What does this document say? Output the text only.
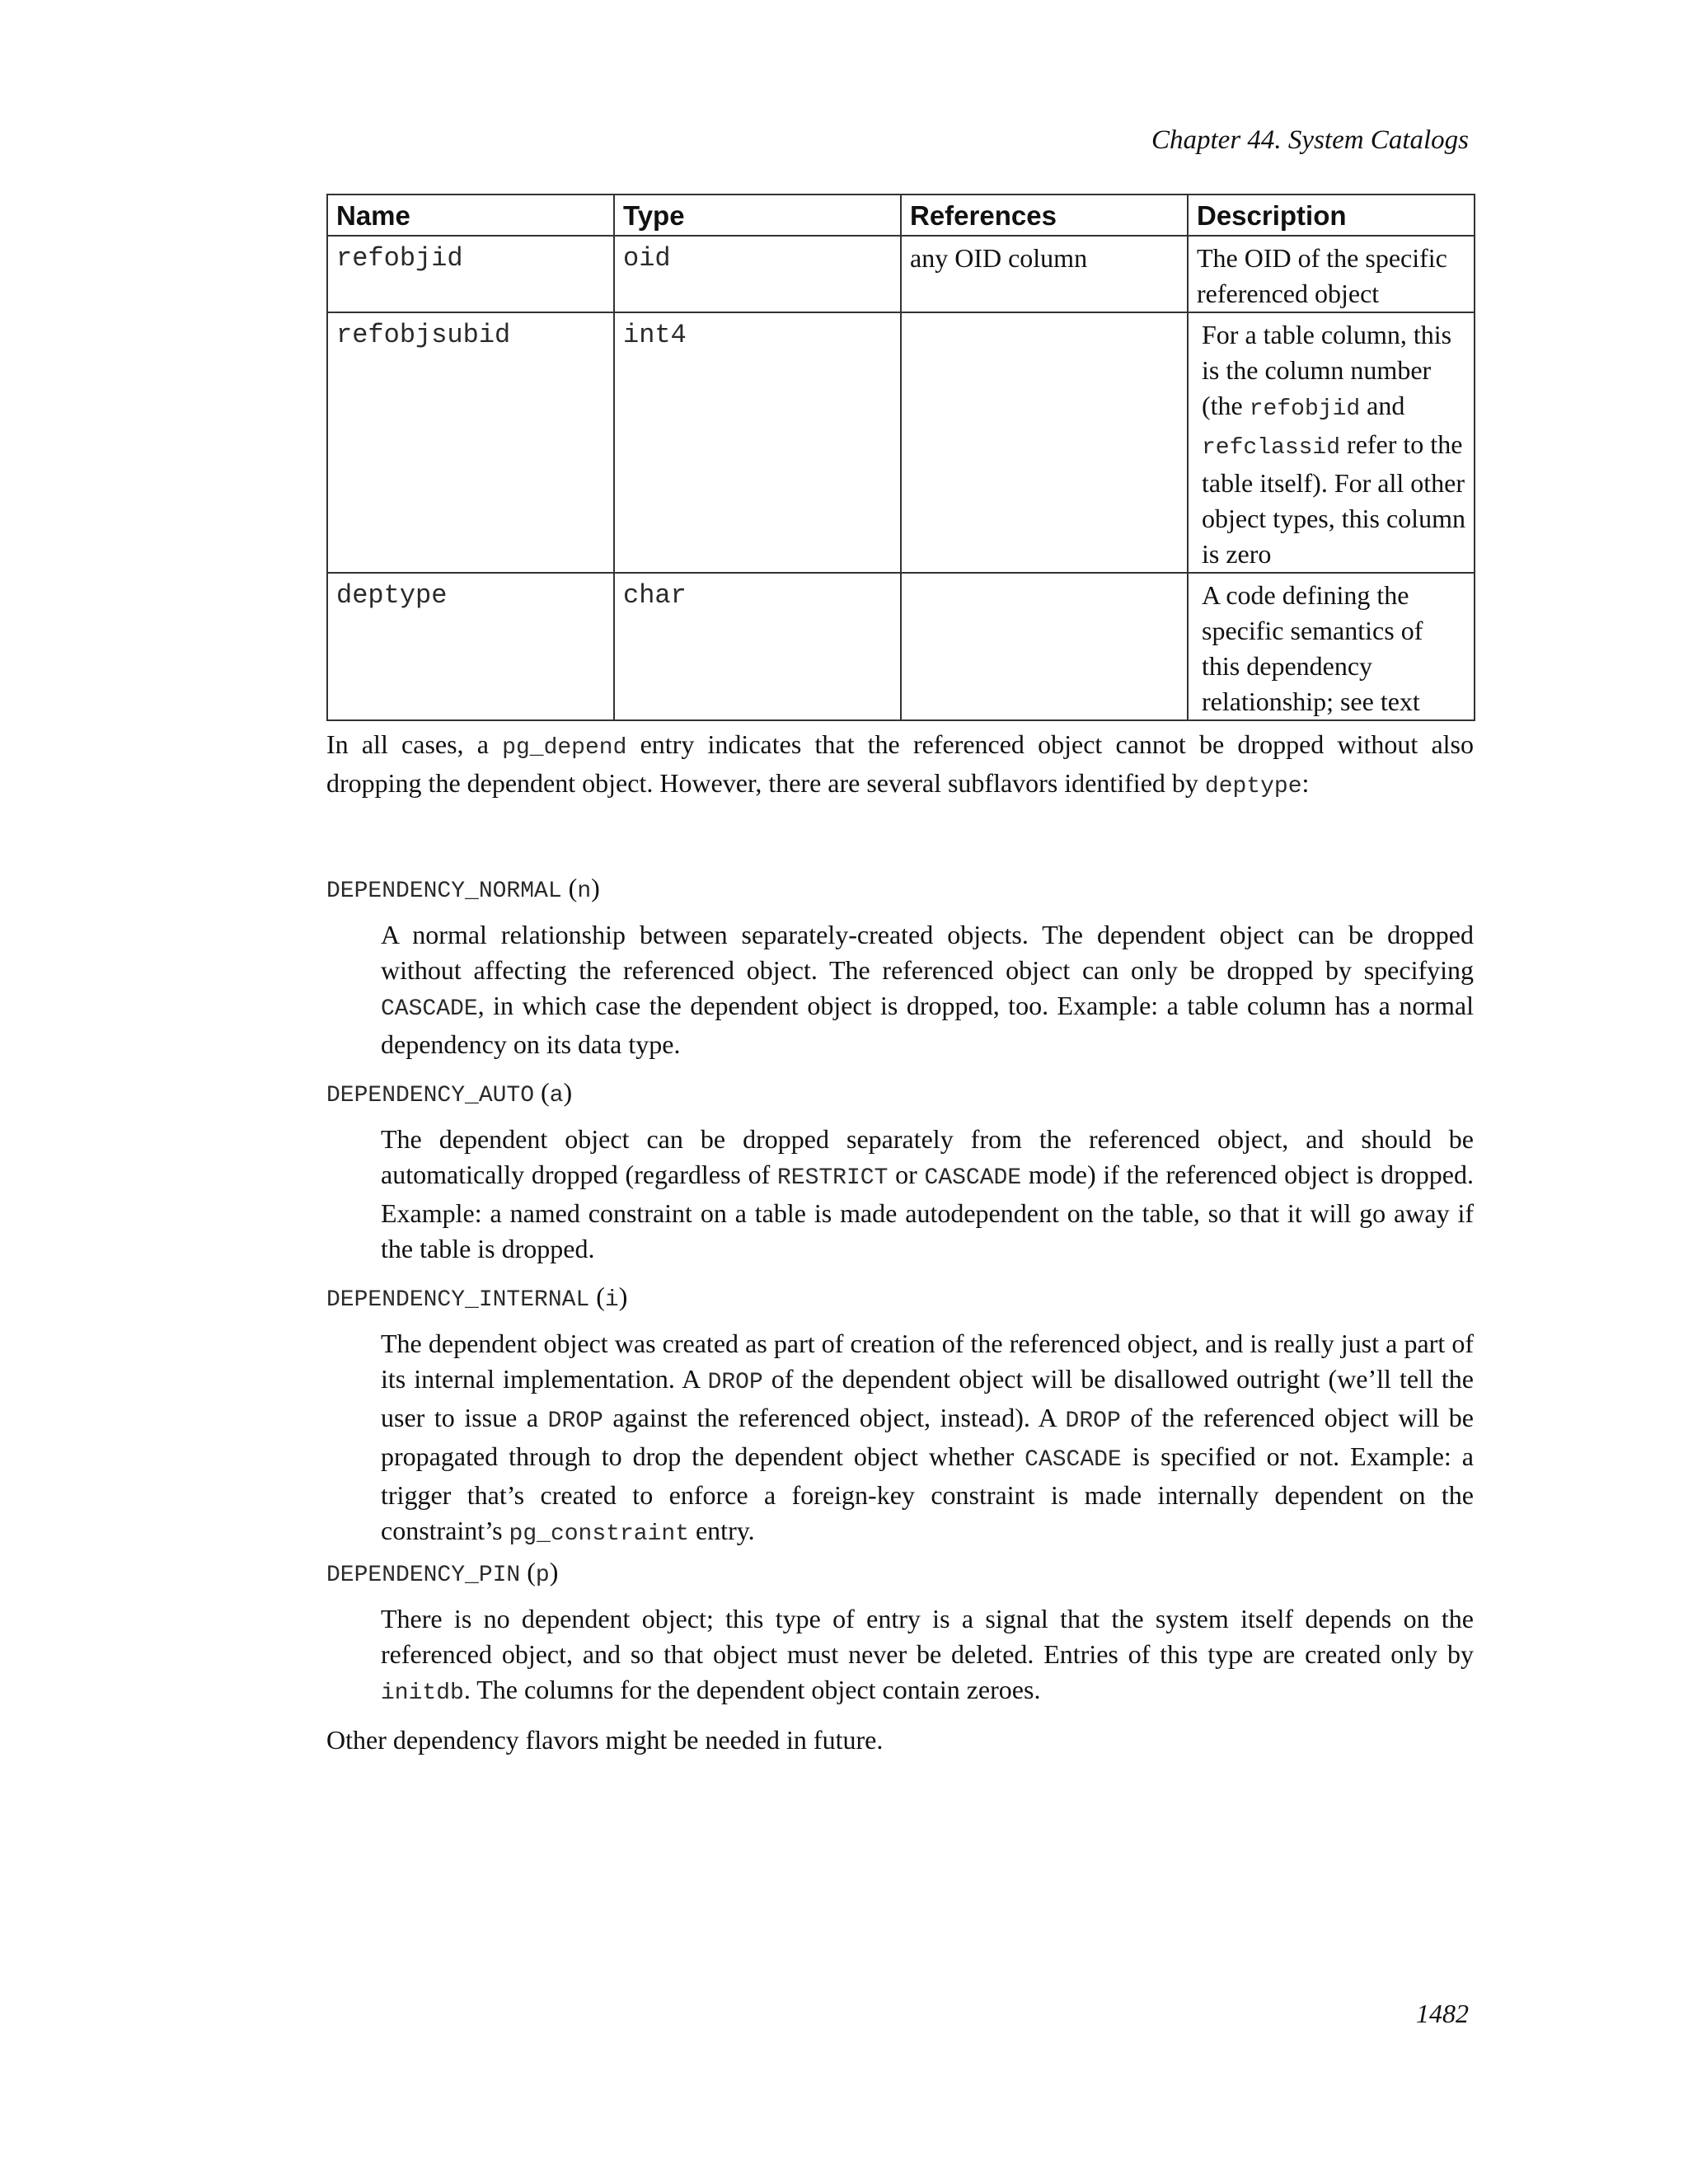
Chapter 44. System Catalogs
Name	Type	References	Description
refobjid	oid	any OID column	The OID of the specific referenced object
refobjsubid	int4		For a table column, this is the column number (the refobjid and refclassid refer to the table itself). For all other object types, this column is zero
deptype	char		A code defining the specific semantics of this dependency relationship; see text

In all cases, a pg_depend entry indicates that the referenced object cannot be dropped without also dropping the dependent object. However, there are several subflavors identified by deptype:

DEPENDENCY_NORMAL (n)

A normal relationship between separately-created objects. The dependent object can be dropped without affecting the referenced object. The referenced object can only be dropped by specifying CASCADE, in which case the dependent object is dropped, too. Example: a table column has a normal dependency on its data type.

DEPENDENCY_AUTO (a)

The dependent object can be dropped separately from the referenced object, and should be automatically dropped (regardless of RESTRICT or CASCADE mode) if the referenced object is dropped. Example: a named constraint on a table is made autodependent on the table, so that it will go away if the table is dropped.

DEPENDENCY_INTERNAL (i)

The dependent object was created as part of creation of the referenced object, and is really just a part of its internal implementation. A DROP of the dependent object will be disallowed outright (we’ll tell the user to issue a DROP against the referenced object, instead). A DROP of the referenced object will be propagated through to drop the dependent object whether CASCADE is specified or not. Example: a trigger that’s created to enforce a foreign-key constraint is made internally dependent on the constraint’s pg_constraint entry.

DEPENDENCY_PIN (p)

There is no dependent object; this type of entry is a signal that the system itself depends on the referenced object, and so that object must never be deleted. Entries of this type are created only by initdb. The columns for the dependent object contain zeroes.

Other dependency flavors might be needed in future.

1482
